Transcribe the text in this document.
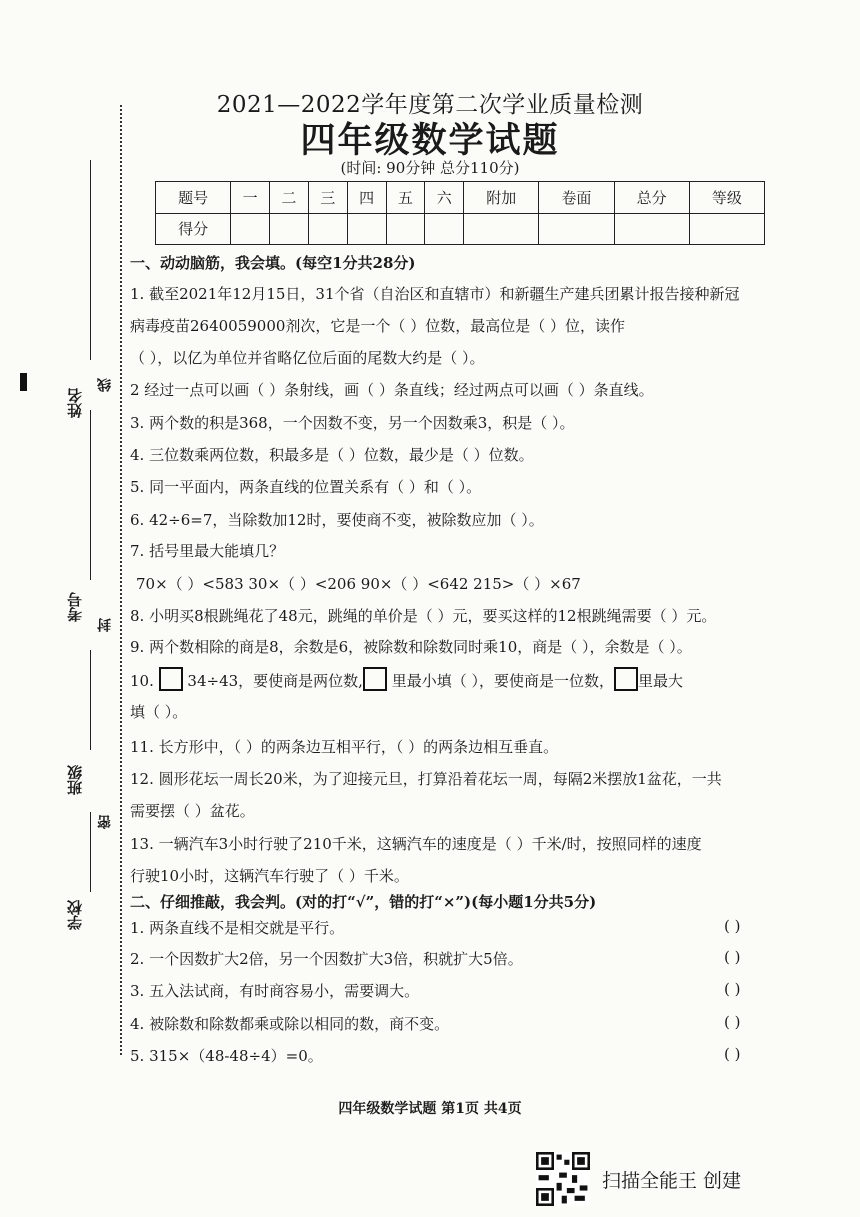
姓名
线
考号
封
班级
密
学校
2021—2022学年度第二次学业质量检测
四年级数学试题
(时间: 90分钟 总分110分)
题号	一	二	三	四	五	六	附加	卷面	总分	等级
得分										
一、动动脑筋，我会填。(每空1分共28分)
1. 截至2021年12月15日，31个省（自治区和直辖市）和新疆生产建兵团累计报告接种新冠
病毒疫苗2640059000剂次，它是一个（ ）位数，最高位是（ ）位，读作
（ ），以亿为单位并省略亿位后面的尾数大约是（ ）。
2 经过一点可以画（ ）条射线，画（ ）条直线；经过两点可以画（ ）条直线。
3. 两个数的积是368，一个因数不变，另一个因数乘3，积是（ ）。
4. 三位数乘两位数，积最多是（ ）位数，最少是（ ）位数。
5. 同一平面内，两条直线的位置关系有（ ）和（ ）。
6. 42÷6=7，当除数加12时，要使商不变，被除数应加（ ）。
7. 括号里最大能填几？
70×（ ）<583 30×（ ）<206 90×（ ）<642 215>（ ）×67
8. 小明买8根跳绳花了48元，跳绳的单价是（ ）元，要买这样的12根跳绳需要（ ）元。
9. 两个数相除的商是8，余数是6，被除数和除数同时乘10，商是（ ），余数是（ ）。
10. 34÷43，要使商是两位数, 里最小填（ ），要使商是一位数， 里最大
填（ ）。
11. 长方形中，（ ）的两条边互相平行，（ ）的两条边相互垂直。
12. 圆形花坛一周长20米，为了迎接元旦，打算沿着花坛一周，每隔2米摆放1盆花，一共
需要摆（ ）盆花。
13. 一辆汽车3小时行驶了210千米，这辆汽车的速度是（ ）千米/时，按照同样的速度
行驶10小时，这辆汽车行驶了（ ）千米。
二、仔细推敲，我会判。(对的打“√”，错的打“×”)(每小题1分共5分)
1. 两条直线不是相交就是平行。	( )
2. 一个因数扩大2倍，另一个因数扩大3倍，积就扩大5倍。	( )
3. 五入法试商，有时商容易小，需要调大。	( )
4. 被除数和除数都乘或除以相同的数，商不变。	( )
5. 315×（48-48÷4）=0。	( )
四年级数学试题 第1页 共4页
扫描全能王 创建
